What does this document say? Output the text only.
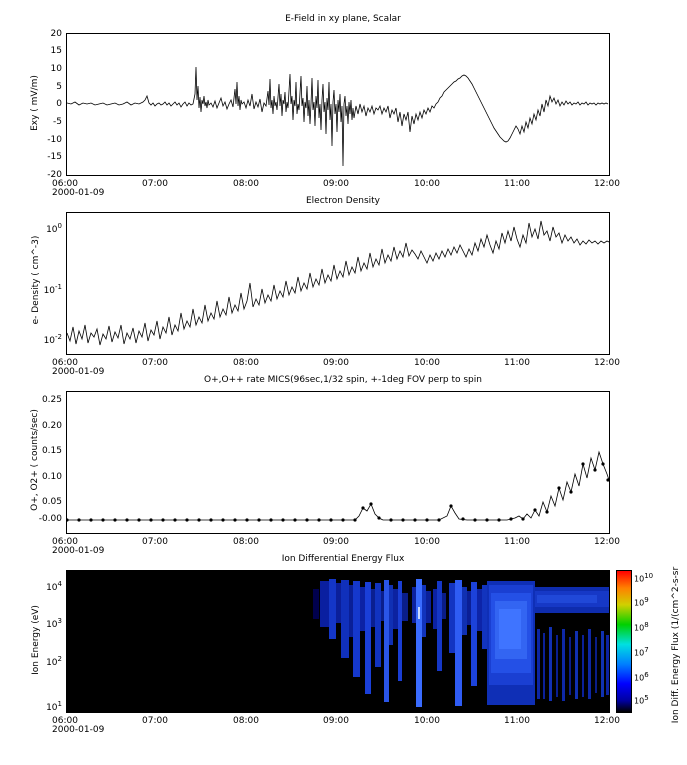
E-Field in xy plane, Scalar
Exy ( mV/m)
20
15
10
5
0
-5
-10
-15
-20
06:00	07:00	08:00	09:00	10:00	11:00	12:00
2000-01-09
Electron Density
e- Density ( cm^-3)
$10^0$
$10^{-1}$
$10^{-2}$
06:00	07:00	08:00	09:00	10:00	11:00	12:00
2000-01-09
O+,O++ rate MICS(96sec,1/32 spin, +-1deg FOV perp to spin
O+, O2+ ( counts/sec)
0.25
0.20
0.15
0.10
0.05
-0.00
06:00	07:00	08:00	09:00	10:00	11:00	12:00
2000-01-09
Ion Differential Energy Flux
Ion Energy (eV)
$10^4$
$10^3$
$10^2$
$10^1$
06:00	07:00	08:00	09:00	10:00	11:00	12:00
2000-01-09
1010
109
108
107
106
105 Ion Diff. Energy Flux (1/(cm^2-s-sr
